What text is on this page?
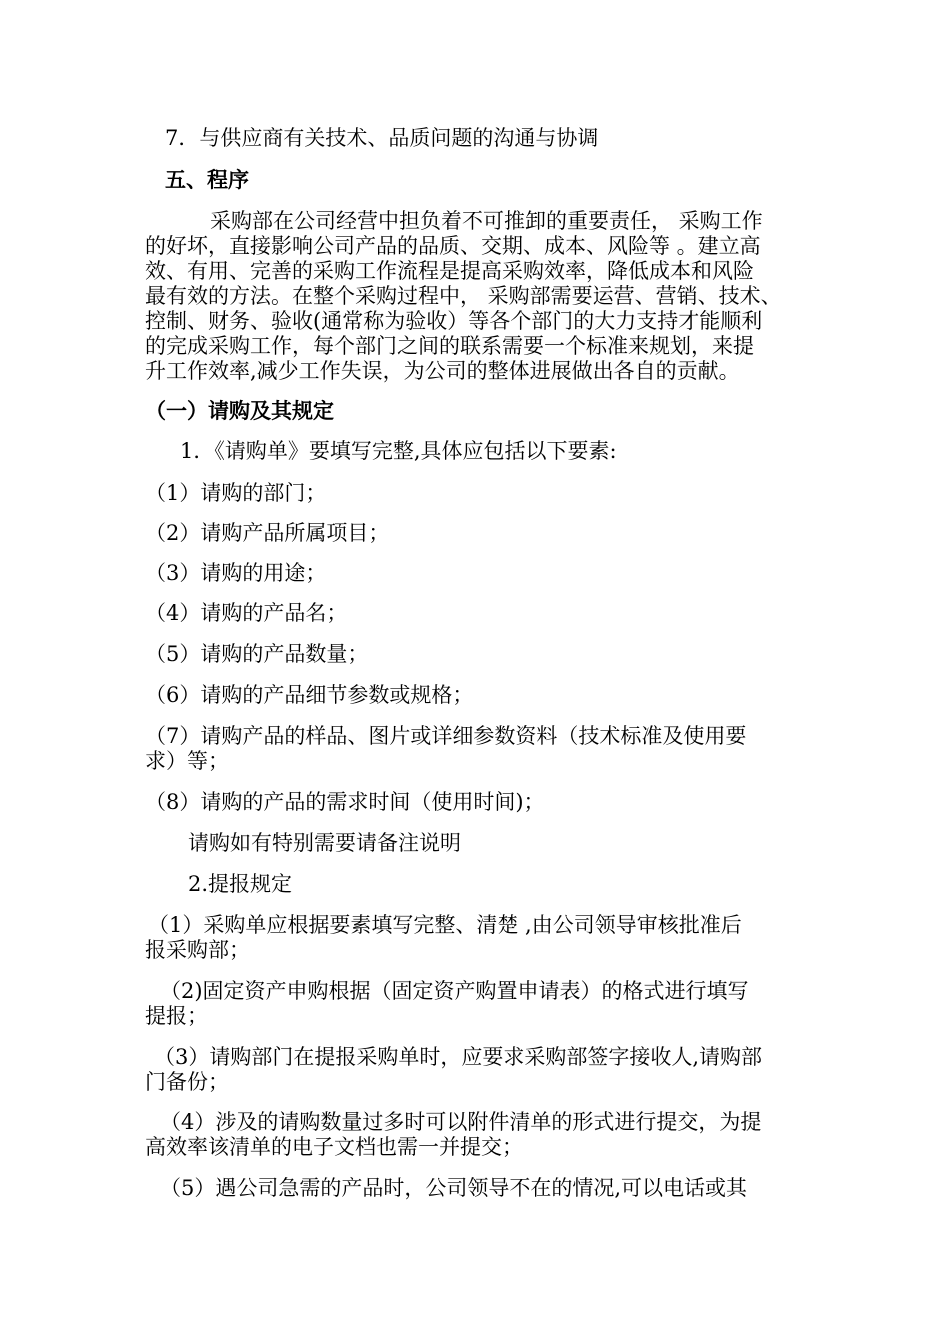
7．与供应商有关技术、品质问题的沟通与协调
五、程序
采购部在公司经营中担负着不可推卸的重要责任， 采购工作
的好坏，直接影响公司产品的品质、交期、成本、风险等 。建立高
效、有用、完善的采购工作流程是提高采购效率，降低成本和风险
最有效的方法。在整个采购过程中， 采购部需要运营、营销、技术、
控制、财务、验收(通常称为验收）等各个部门的大力支持才能顺利
的完成采购工作，每个部门之间的联系需要一个标准来规划，来提
升工作效率,减少工作失误，为公司的整体进展做出各自的贡献。
（一）请购及其规定
1．《请购单》要填写完整,具体应包括以下要素:
（1）请购的部门；
（2）请购产品所属项目；
（3）请购的用途；
（4）请购的产品名；
（5）请购的产品数量；
（6）请购的产品细节参数或规格；
（7）请购产品的样品、图片或详细参数资料（技术标准及使用要
求）等；
（8）请购的产品的需求时间（使用时间)；
请购如有特别需要请备注说明
2.提报规定
（1）采购单应根据要素填写完整、清楚 ,由公司领导审核批准后
报采购部；
（2)固定资产申购根据（固定资产购置申请表）的格式进行填写
提报；
（3）请购部门在提报采购单时，应要求采购部签字接收人,请购部
门备份；
（4）涉及的请购数量过多时可以附件清单的形式进行提交，为提
高效率该清单的电子文档也需一并提交；
（5）遇公司急需的产品时，公司领导不在的情况,可以电话或其
